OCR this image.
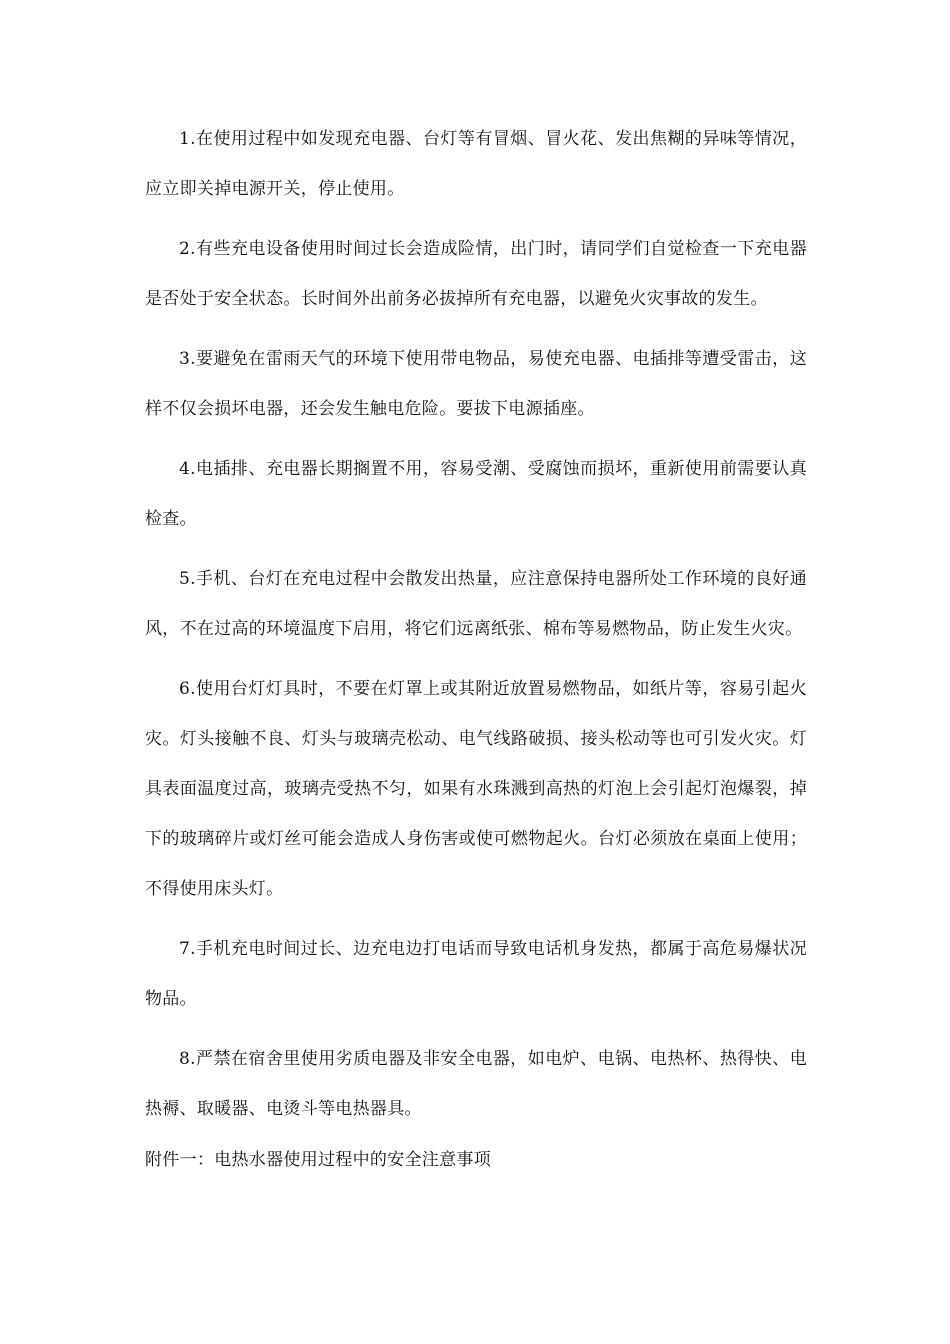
1.在使用过程中如发现充电器、台灯等有冒烟、冒火花、发出焦糊的异味等情况，应立即关掉电源开关，停止使用。

2.有些充电设备使用时间过长会造成险情，出门时，请同学们自觉检查一下充电器是否处于安全状态。长时间外出前务必拔掉所有充电器，以避免火灾事故的发生。

3.要避免在雷雨天气的环境下使用带电物品，易使充电器、电插排等遭受雷击，这样不仅会损坏电器，还会发生触电危险。要拔下电源插座。

4.电插排、充电器长期搁置不用，容易受潮、受腐蚀而损坏，重新使用前需要认真检查。

5.手机、台灯在充电过程中会散发出热量，应注意保持电器所处工作环境的良好通风，不在过高的环境温度下启用，将它们远离纸张、棉布等易燃物品，防止发生火灾。

6.使用台灯灯具时，不要在灯罩上或其附近放置易燃物品，如纸片等，容易引起火灾。灯头接触不良、灯头与玻璃壳松动、电气线路破损、接头松动等也可引发火灾。灯具表面温度过高，玻璃壳受热不匀，如果有水珠溅到高热的灯泡上会引起灯泡爆裂，掉下的玻璃碎片或灯丝可能会造成人身伤害或使可燃物起火。台灯必须放在桌面上使用；不得使用床头灯。

7.手机充电时间过长、边充电边打电话而导致电话机身发热，都属于高危易爆状况物品。

8.严禁在宿舍里使用劣质电器及非安全电器，如电炉、电锅、电热杯、热得快、电热褥、取暖器、电烫斗等电热器具。

附件一：电热水器使用过程中的安全注意事项
